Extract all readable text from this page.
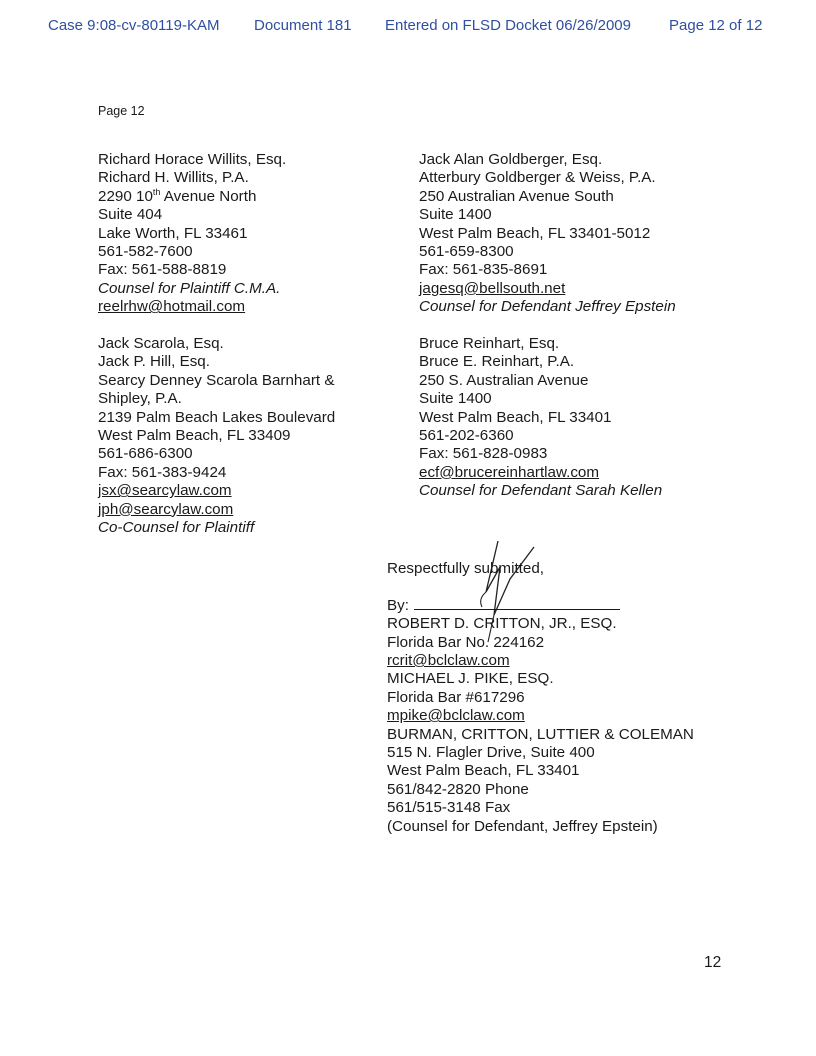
Case 9:08-cv-80119-KAM Document 181 Entered on FLSD Docket 06/26/2009	Page 12 of 12
Page 12
Richard Horace Willits, Esq.
Richard H. Willits, P.A.
2290 10th Avenue North
Suite 404
Lake Worth, FL 33461
561-582-7600
Fax: 561-588-8819
Counsel for Plaintiff C.M.A.
reelrhw@hotmail.com
Jack Alan Goldberger, Esq.
Atterbury Goldberger & Weiss, P.A.
250 Australian Avenue South
Suite 1400
West Palm Beach, FL 33401-5012
561-659-8300
Fax: 561-835-8691
jagesq@bellsouth.net
Counsel for Defendant Jeffrey Epstein
Jack Scarola, Esq.
Jack P. Hill, Esq.
Searcy Denney Scarola Barnhart &
Shipley, P.A.
2139 Palm Beach Lakes Boulevard
West Palm Beach, FL 33409
561-686-6300
Fax: 561-383-9424
jsx@searcylaw.com
jph@searcylaw.com
Co-Counsel for Plaintiff
Bruce Reinhart, Esq.
Bruce E. Reinhart, P.A.
250 S. Australian Avenue
Suite 1400
West Palm Beach, FL 33401
561-202-6360
Fax: 561-828-0983
ecf@brucereinhartlaw.com
Counsel for Defendant Sarah Kellen
Respectfully submitted,
By:
ROBERT D. CRITTON, JR., ESQ.
Florida Bar No. 224162
rcrit@bclclaw.com
MICHAEL J. PIKE, ESQ.
Florida Bar #617296
mpike@bclclaw.com
BURMAN, CRITTON, LUTTIER & COLEMAN
515 N. Flagler Drive, Suite 400
West Palm Beach, FL 33401
561/842-2820 Phone
561/515-3148 Fax
(Counsel for Defendant, Jeffrey Epstein)
12
